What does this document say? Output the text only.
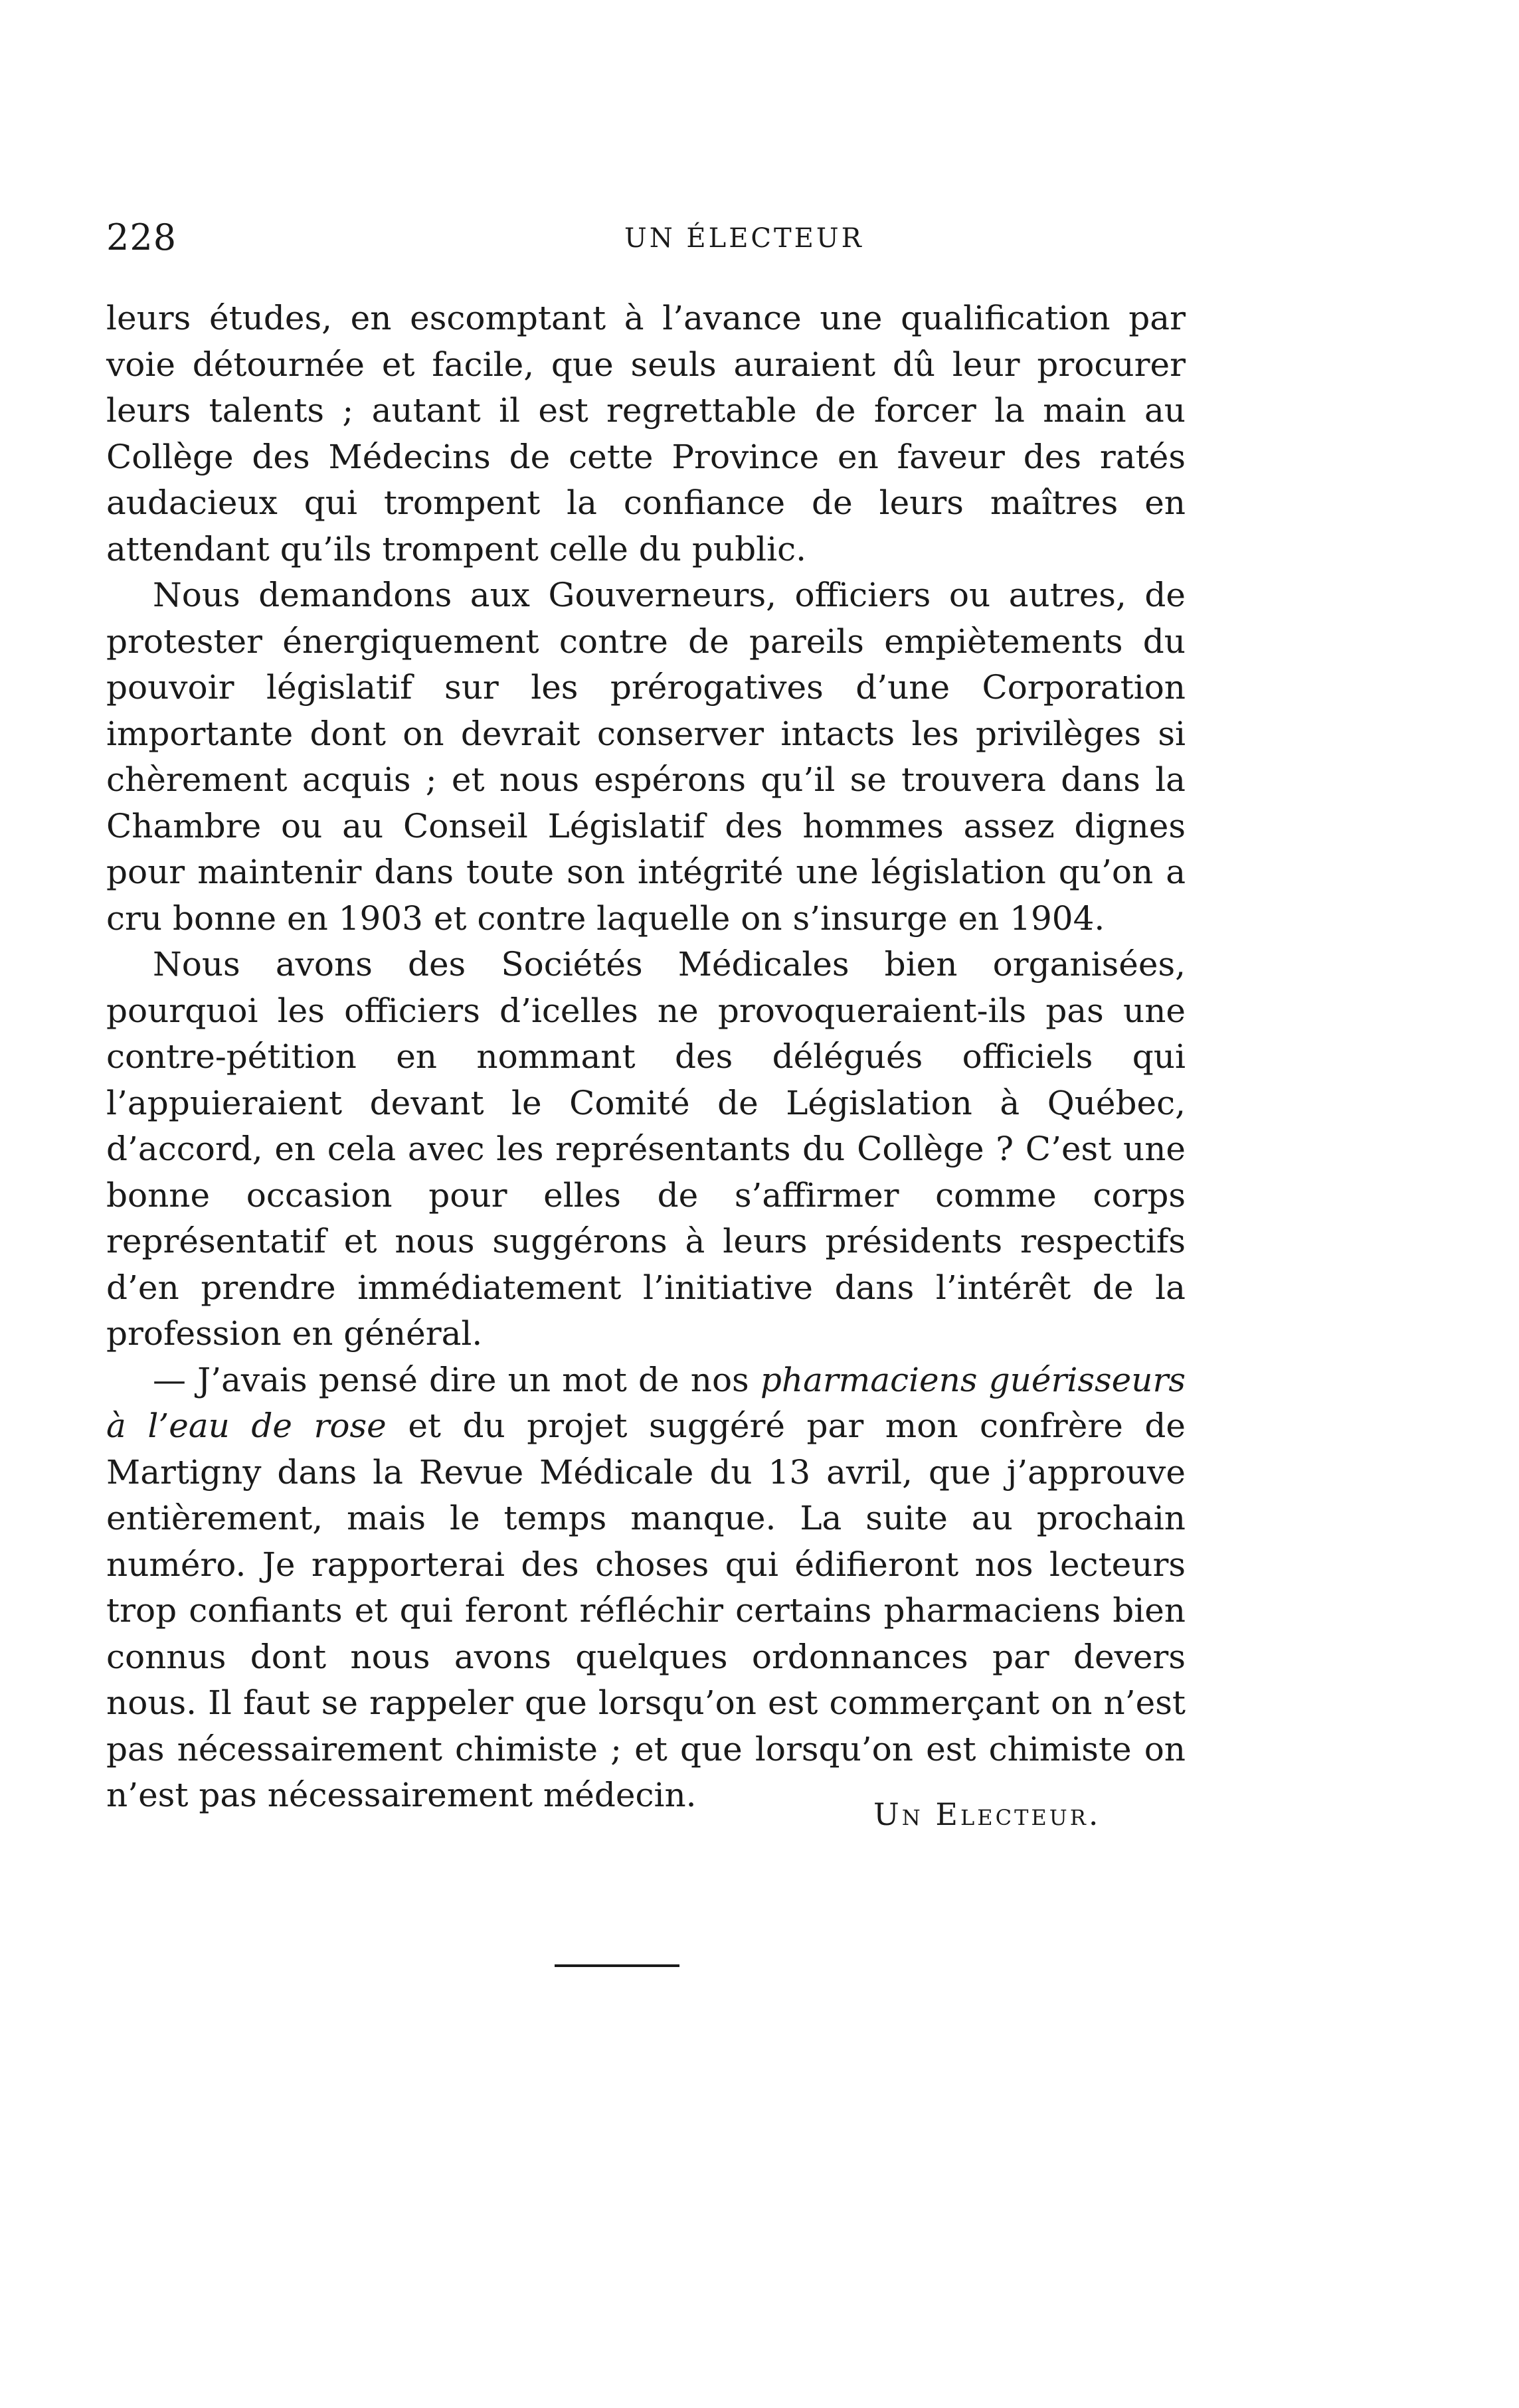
228	UN ÉLECTEUR

leurs études, en escomptant à l’avance une qualification par voie détournée et facile, que seuls auraient dû leur procurer leurs talents ; autant il est regrettable de forcer la main au Collège des Médecins de cette Province en faveur des ratés audacieux qui trompent la confiance de leurs maîtres en attendant qu’ils trompent celle du public.

Nous demandons aux Gouverneurs, officiers ou autres, de protester énergiquement contre de pareils empiètements du pouvoir législatif sur les prérogatives d’une Corporation importante dont on devrait conserver intacts les privilèges si chèrement acquis ; et nous espérons qu’il se trouvera dans la Chambre ou au Conseil Législatif des hommes assez dignes pour maintenir dans toute son intégrité une législation qu’on a cru bonne en 1903 et contre laquelle on s’insurge en 1904.

Nous avons des Sociétés Médicales bien organisées, pourquoi les officiers d’icelles ne provoqueraient-ils pas une contre-pétition en nommant des délégués officiels qui l’appuieraient devant le Comité de Législation à Québec, d’accord, en cela avec les représentants du Collège ? C’est une bonne occasion pour elles de s’affirmer comme corps représentatif et nous suggérons à leurs présidents respectifs d’en prendre immédiatement l’initiative dans l’intérêt de la profession en général.

— J’avais pensé dire un mot de nos pharmaciens guérisseurs à l’eau de rose et du projet suggéré par mon confrère de Martigny dans la Revue Médicale du 13 avril, que j’approuve entièrement, mais le temps manque. La suite au prochain numéro. Je rapporterai des choses qui édifieront nos lecteurs trop confiants et qui feront réfléchir certains pharmaciens bien connus dont nous avons quelques ordonnances par devers nous. Il faut se rappeler que lorsqu’on est commerçant on n’est pas nécessairement chimiste ; et que lorsqu’on est chimiste on n’est pas nécessairement médecin.	Un Electeur.
